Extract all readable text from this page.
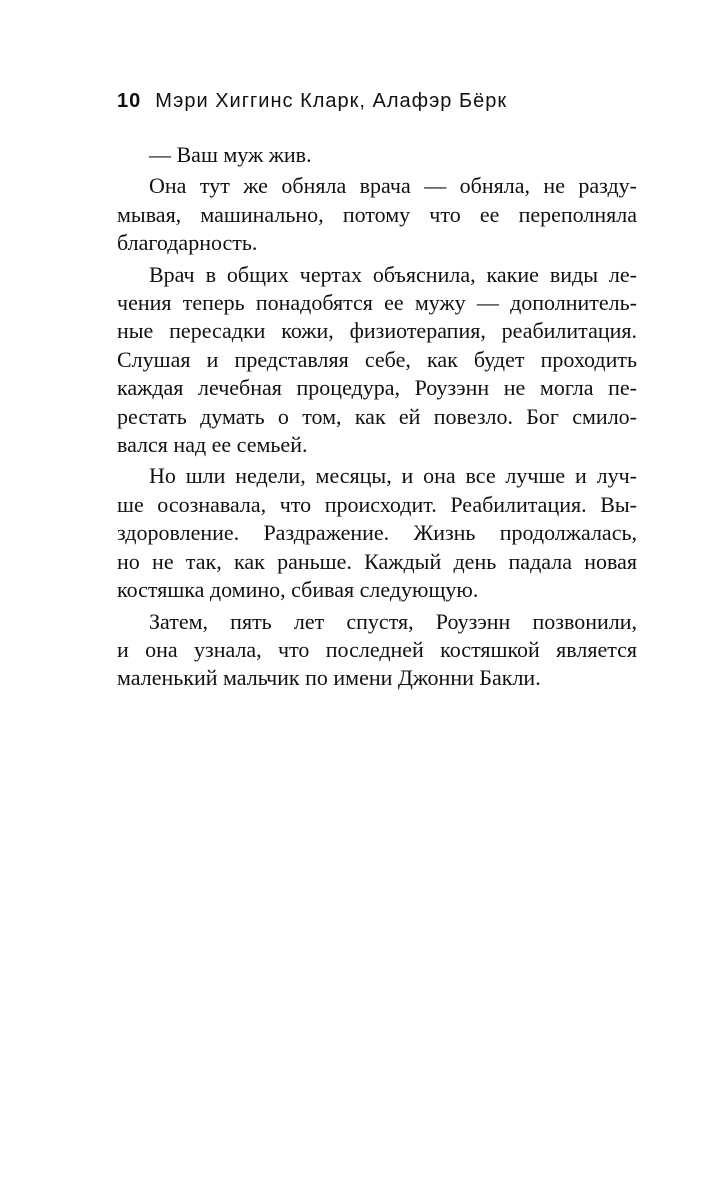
10 Мэри Хиггинс Кларк, Алафэр Бёрк
— Ваш муж жив.
Она тут же обняла врача — обняла, не разду-
мывая, машинально, потому что ее переполняла
благодарность.
Врач в общих чертах объяснила, какие виды ле-
чения теперь понадобятся ее мужу — дополнитель-
ные пересадки кожи, физиотерапия, реабилитация.
Слушая и представляя себе, как будет проходить
каждая лечебная процедура, Роузэнн не могла пе-
рестать думать о том, как ей повезло. Бог смило-
вался над ее семьей.
Но шли недели, месяцы, и она все лучше и луч-
ше осознавала, что происходит. Реабилитация. Вы-
здоровление. Раздражение. Жизнь продолжалась,
но не так, как раньше. Каждый день падала новая
костяшка домино, сбивая следующую.
Затем, пять лет спустя, Роузэнн позвонили,
и она узнала, что последней костяшкой является
маленький мальчик по имени Джонни Бакли.
